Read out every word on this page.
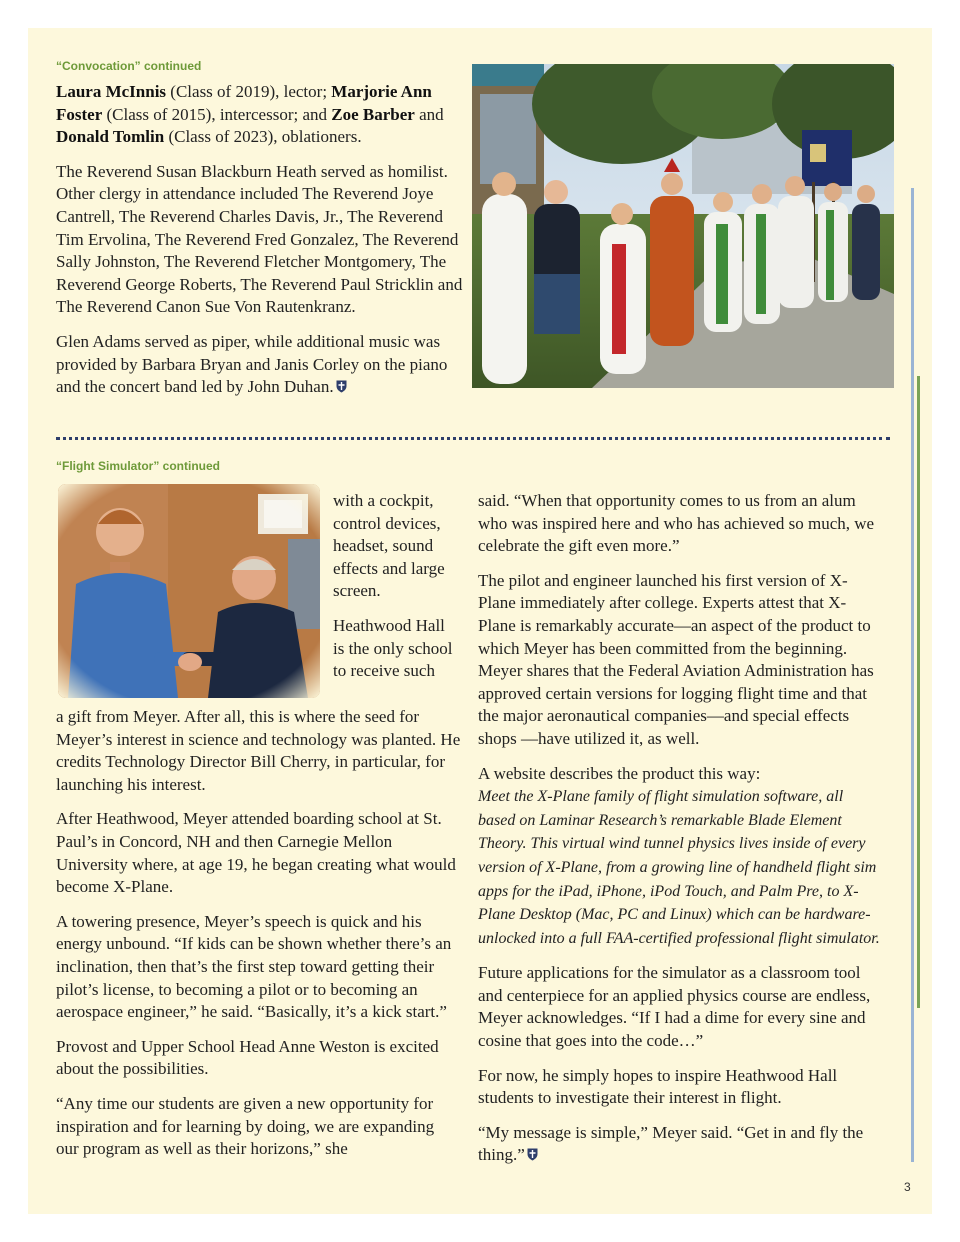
“Convocation” continued

Laura McInnis (Class of 2019), lector; Marjorie Ann Foster (Class of 2015), intercessor; and Zoe Barber and Donald Tomlin (Class of 2023), oblationers.

The Reverend Susan Blackburn Heath served as homilist. Other clergy in attendance included The Reverend Joye Cantrell, The Reverend Charles Davis, Jr., The Reverend Tim Ervolina, The Reverend Fred Gonzalez, The Reverend Sally Johnston, The Reverend Fletcher Montgomery, The Reverend George Roberts, The Reverend Paul Stricklin and The Reverend Canon Sue Von Rautenkranz.

Glen Adams served as piper, while additional music was provided by Barbara Bryan and Janis Corley on the piano and the concert band led by John Duhan.

“Flight Simulator” continued

with a cockpit, control devices, headset, sound effects and large screen.

Heathwood Hall is the only school to receive such

a gift from Meyer. After all, this is where the seed for Meyer’s interest in science and technology was planted. He credits Technology Director Bill Cherry, in particular, for launching his interest.

After Heathwood, Meyer attended boarding school at St. Paul’s in Concord, NH and then Carnegie Mellon University where, at age 19, he began creating what would become X-Plane.

A towering presence, Meyer’s speech is quick and his energy unbound. “If kids can be shown whether there’s an inclination, then that’s the first step toward getting their pilot’s license, to becoming a pilot or to becoming an aerospace engineer,” he said. “Basically, it’s a kick start.”

Provost and Upper School Head Anne Weston is excited about the possibilities.

“Any time our students are given a new opportunity for inspiration and for learning by doing, we are expanding our program as well as their horizons,” she

said. “When that opportunity comes to us from an alum who was inspired here and who has achieved so much, we celebrate the gift even more.”

The pilot and engineer launched his first version of X-Plane immediately after college. Experts attest that X-Plane is remarkably accurate—an aspect of the product to which Meyer has been committed from the beginning. Meyer shares that the Federal Aviation Administration has approved certain versions for logging flight time and that the major aeronautical companies—and special effects shops —have utilized it, as well.

A website describes the product this way:
Meet the X-Plane family of flight simulation software, all based on Laminar Research’s remarkable Blade Element Theory. This virtual wind tunnel physics lives inside of every version of X-Plane, from a growing line of handheld flight sim apps for the iPad, iPhone, iPod Touch, and Palm Pre, to X-Plane Desktop (Mac, PC and Linux) which can be hardware-unlocked into a full FAA-certified professional flight simulator.

Future applications for the simulator as a classroom tool and centerpiece for an applied physics course are endless, Meyer acknowledges. “If I had a dime for every sine and cosine that goes into the code…”

For now, he simply hopes to inspire Heathwood Hall students to investigate their interest in flight.

“My message is simple,” Meyer said. “Get in and fly the thing.”

3
